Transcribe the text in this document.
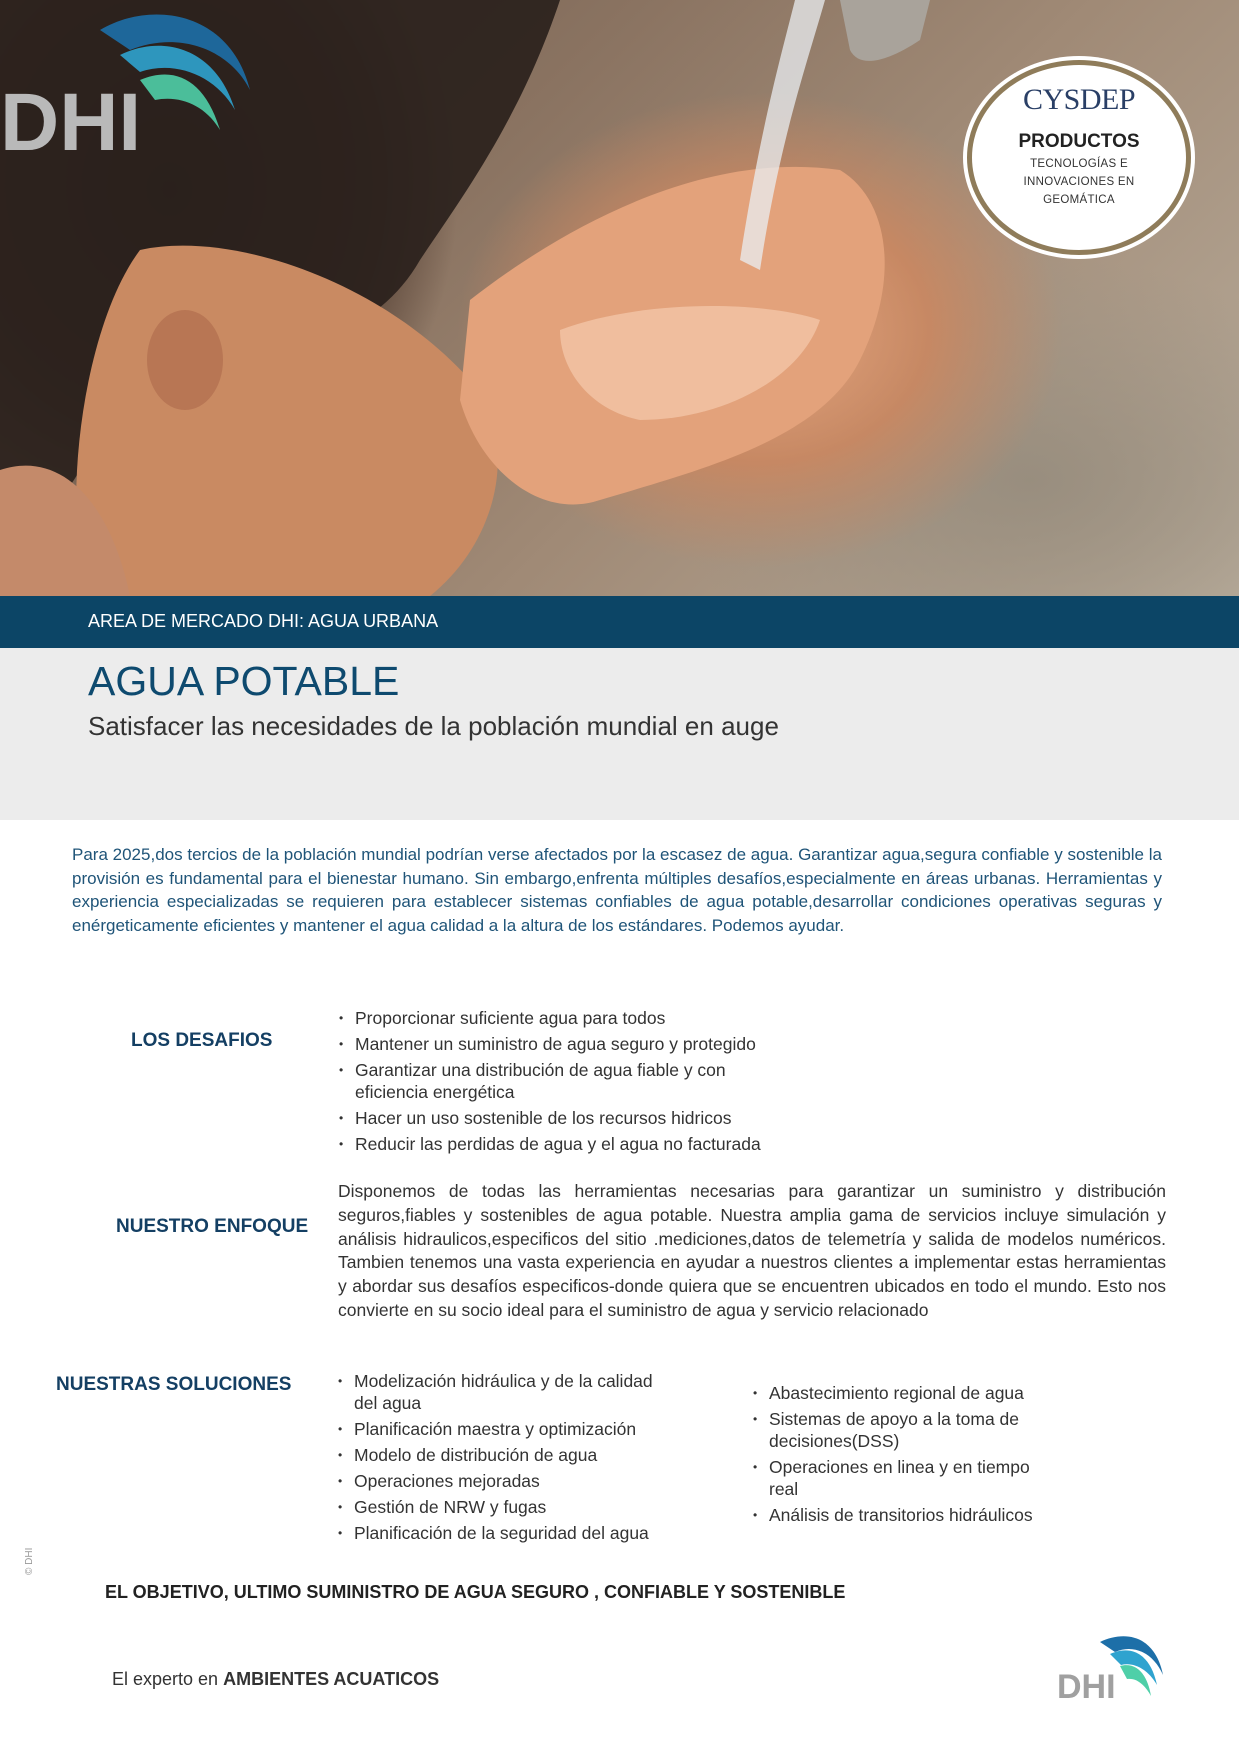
CYSDEP
PRODUCTOS
TECNOLOGÍAS E
INNOVACIONES EN
GEOMÁTICA
DHI
AREA DE MERCADO DHI: AGUA URBANA
AGUA POTABLE
Satisfacer las necesidades de la población mundial en auge
Para 2025,dos tercios de la población mundial podrían verse afectados por la escasez de agua. Garantizar agua,segura confiable y sostenible la provisión es fundamental para el bienestar humano. Sin embargo,enfrenta múltiples desafíos,especialmente en áreas urbanas. Herramientas y experiencia especializadas se requieren para establecer sistemas confiables de agua potable,desarrollar condiciones operativas seguras y enérgeticamente eficientes y mantener el agua calidad a la altura de los estándares. Podemos ayudar.
LOS DESAFIOS
• Proporcionar suficiente agua para todos
• Mantener un suministro de agua seguro y protegido
• Garantizar una distribución de agua fiable y con eficiencia energética
• Hacer un uso sostenible de los recursos hidricos
• Reducir las perdidas de agua y el agua no facturada
NUESTRO ENFOQUE
Disponemos de todas las herramientas necesarias para garantizar un suministro y distribución seguros,fiables y sostenibles de agua potable. Nuestra amplia gama de servicios incluye simulación y análisis hidraulicos,especificos del sitio .mediciones,datos de telemetría y salida de modelos numéricos. Tambien tenemos una vasta experiencia en ayudar a nuestros clientes a implementar estas herramientas y abordar sus desafíos especificos-donde quiera que se encuentren ubicados en todo el mundo. Esto nos convierte en su socio ideal para el suministro de agua y servicio relacionado
NUESTRAS SOLUCIONES
•	Modelización hidráulica y de la calidad del agua
• Planificación maestra y optimización
• Modelo de distribución de agua
• Operaciones mejoradas
• Gestión de NRW y fugas
• Planificación de la seguridad del agua
• Abastecimiento regional de agua
• Sistemas de apoyo a la toma de decisiones(DSS)
• Operaciones en linea y en tiempo real
• Análisis de transitorios hidráulicos
EL OBJETIVO, ULTIMO SUMINISTRO DE AGUA SEGURO , CONFIABLE Y SOSTENIBLE
© DHI
El experto en AMBIENTES ACUATICOS	DHI
